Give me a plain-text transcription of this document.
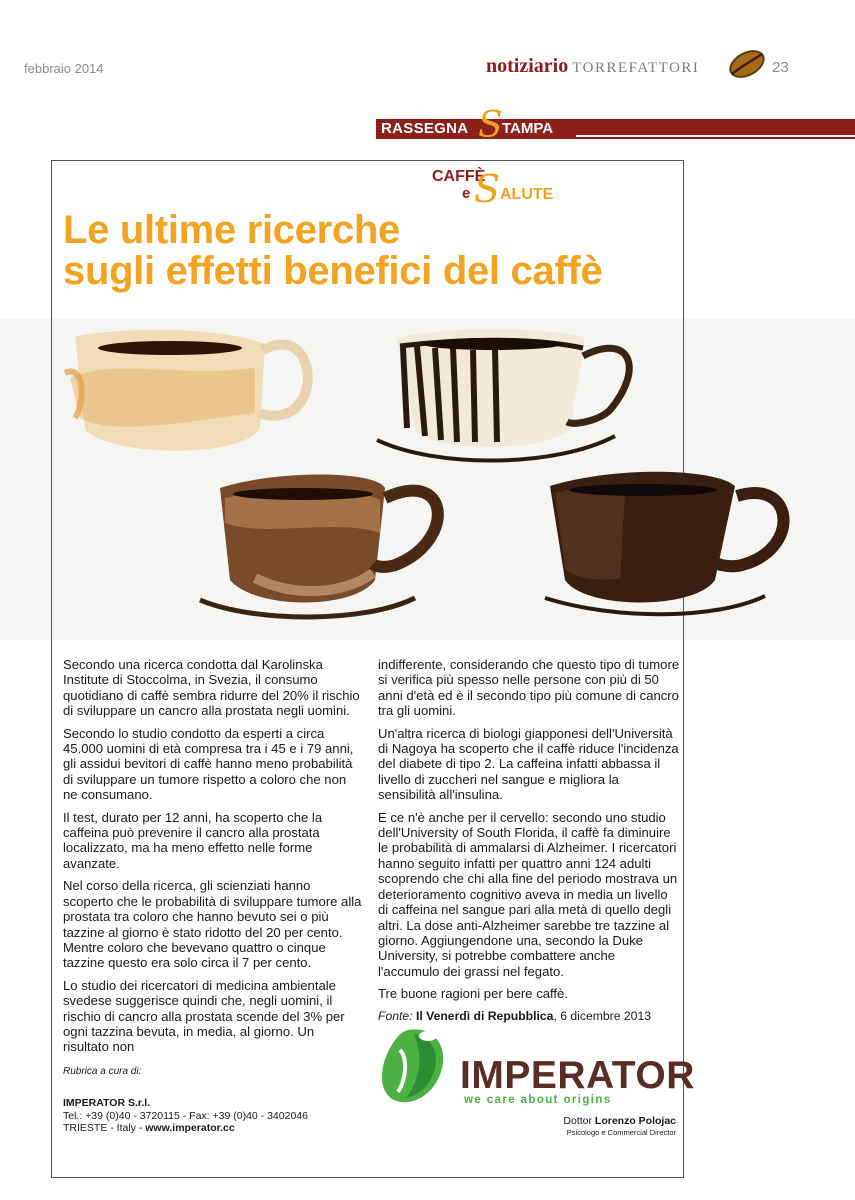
febbraio 2014	notiziario TORREFATTORI	23
RASSEGNA S TAMPA
CAFFÈ
e S ALUTE
Le ultime ricerche
sugli effetti benefici del caffè

Secondo una ricerca condotta dal Karolinska Institute di Stoccolma, in Svezia, il consumo quotidiano di caffè sembra ridurre del 20% il rischio di sviluppare un cancro alla prostata negli uomini.

Secondo lo studio condotto da esperti a circa 45.000 uomini di età compresa tra i 45 e i 79 anni, gli assidui bevitori di caffè hanno meno probabilità di sviluppare un tumore rispetto a coloro che non ne consumano.

Il test, durato per 12 anni, ha scoperto che la caffeina può prevenire il cancro alla prostata localizzato, ma ha meno effetto nelle forme avanzate.

Nel corso della ricerca, gli scienziati hanno scoperto che le probabilità di sviluppare tumore alla prostata tra coloro che hanno bevuto sei o più tazzine al giorno è stato ridotto del 20 per cento. Mentre coloro che bevevano quattro o cinque tazzine questo era solo circa il 7 per cento.

Lo studio dei ricercatori di medicina ambientale svedese suggerisce quindi che, negli uomini, il rischio di cancro alla prostata scende del 3% per ogni tazzina bevuta, in media, al giorno. Un risultato non

indifferente, considerando che questo tipo di tumore si verifica più spesso nelle persone con più di 50 anni d'età ed è il secondo tipo più comune di cancro tra gli uomini.

Un'altra ricerca di biologi giapponesi dell'Università di Nagoya ha scoperto che il caffè riduce l'incidenza del diabete di tipo 2. La caffeina infatti abbassa il livello di zuccheri nel sangue e migliora la sensibilità all'insulina.

E ce n'è anche per il cervello: secondo uno studio dell'University of South Florida, il caffè fa diminuire le probabilità di ammalarsi di Alzheimer. I ricercatori hanno seguito infatti per quattro anni 124 adulti scoprendo che chi alla fine del periodo mostrava un deterioramento cognitivo aveva in media un livello di caffeina nel sangue pari alla metà di quello degli altri. La dose anti-Alzheimer sarebbe tre tazzine al giorno. Aggiungendone una, secondo la Duke University, si potrebbe combattere anche l'accumulo dei grassi nel fegato.

Tre buone ragioni per bere caffè.

Fonte: Il Venerdì di Repubblica, 6 dicembre 2013

Rubrica a cura di:
IMPERATOR S.r.l.
Tel.: +39 (0)40 - 3720115 - Fax: +39 (0)40 - 3402046
TRIESTE - Italy - www.imperator.cc
IMPERATOR
we care about origins
Dottor Lorenzo Polojac
Psicologo e Commercial Director
